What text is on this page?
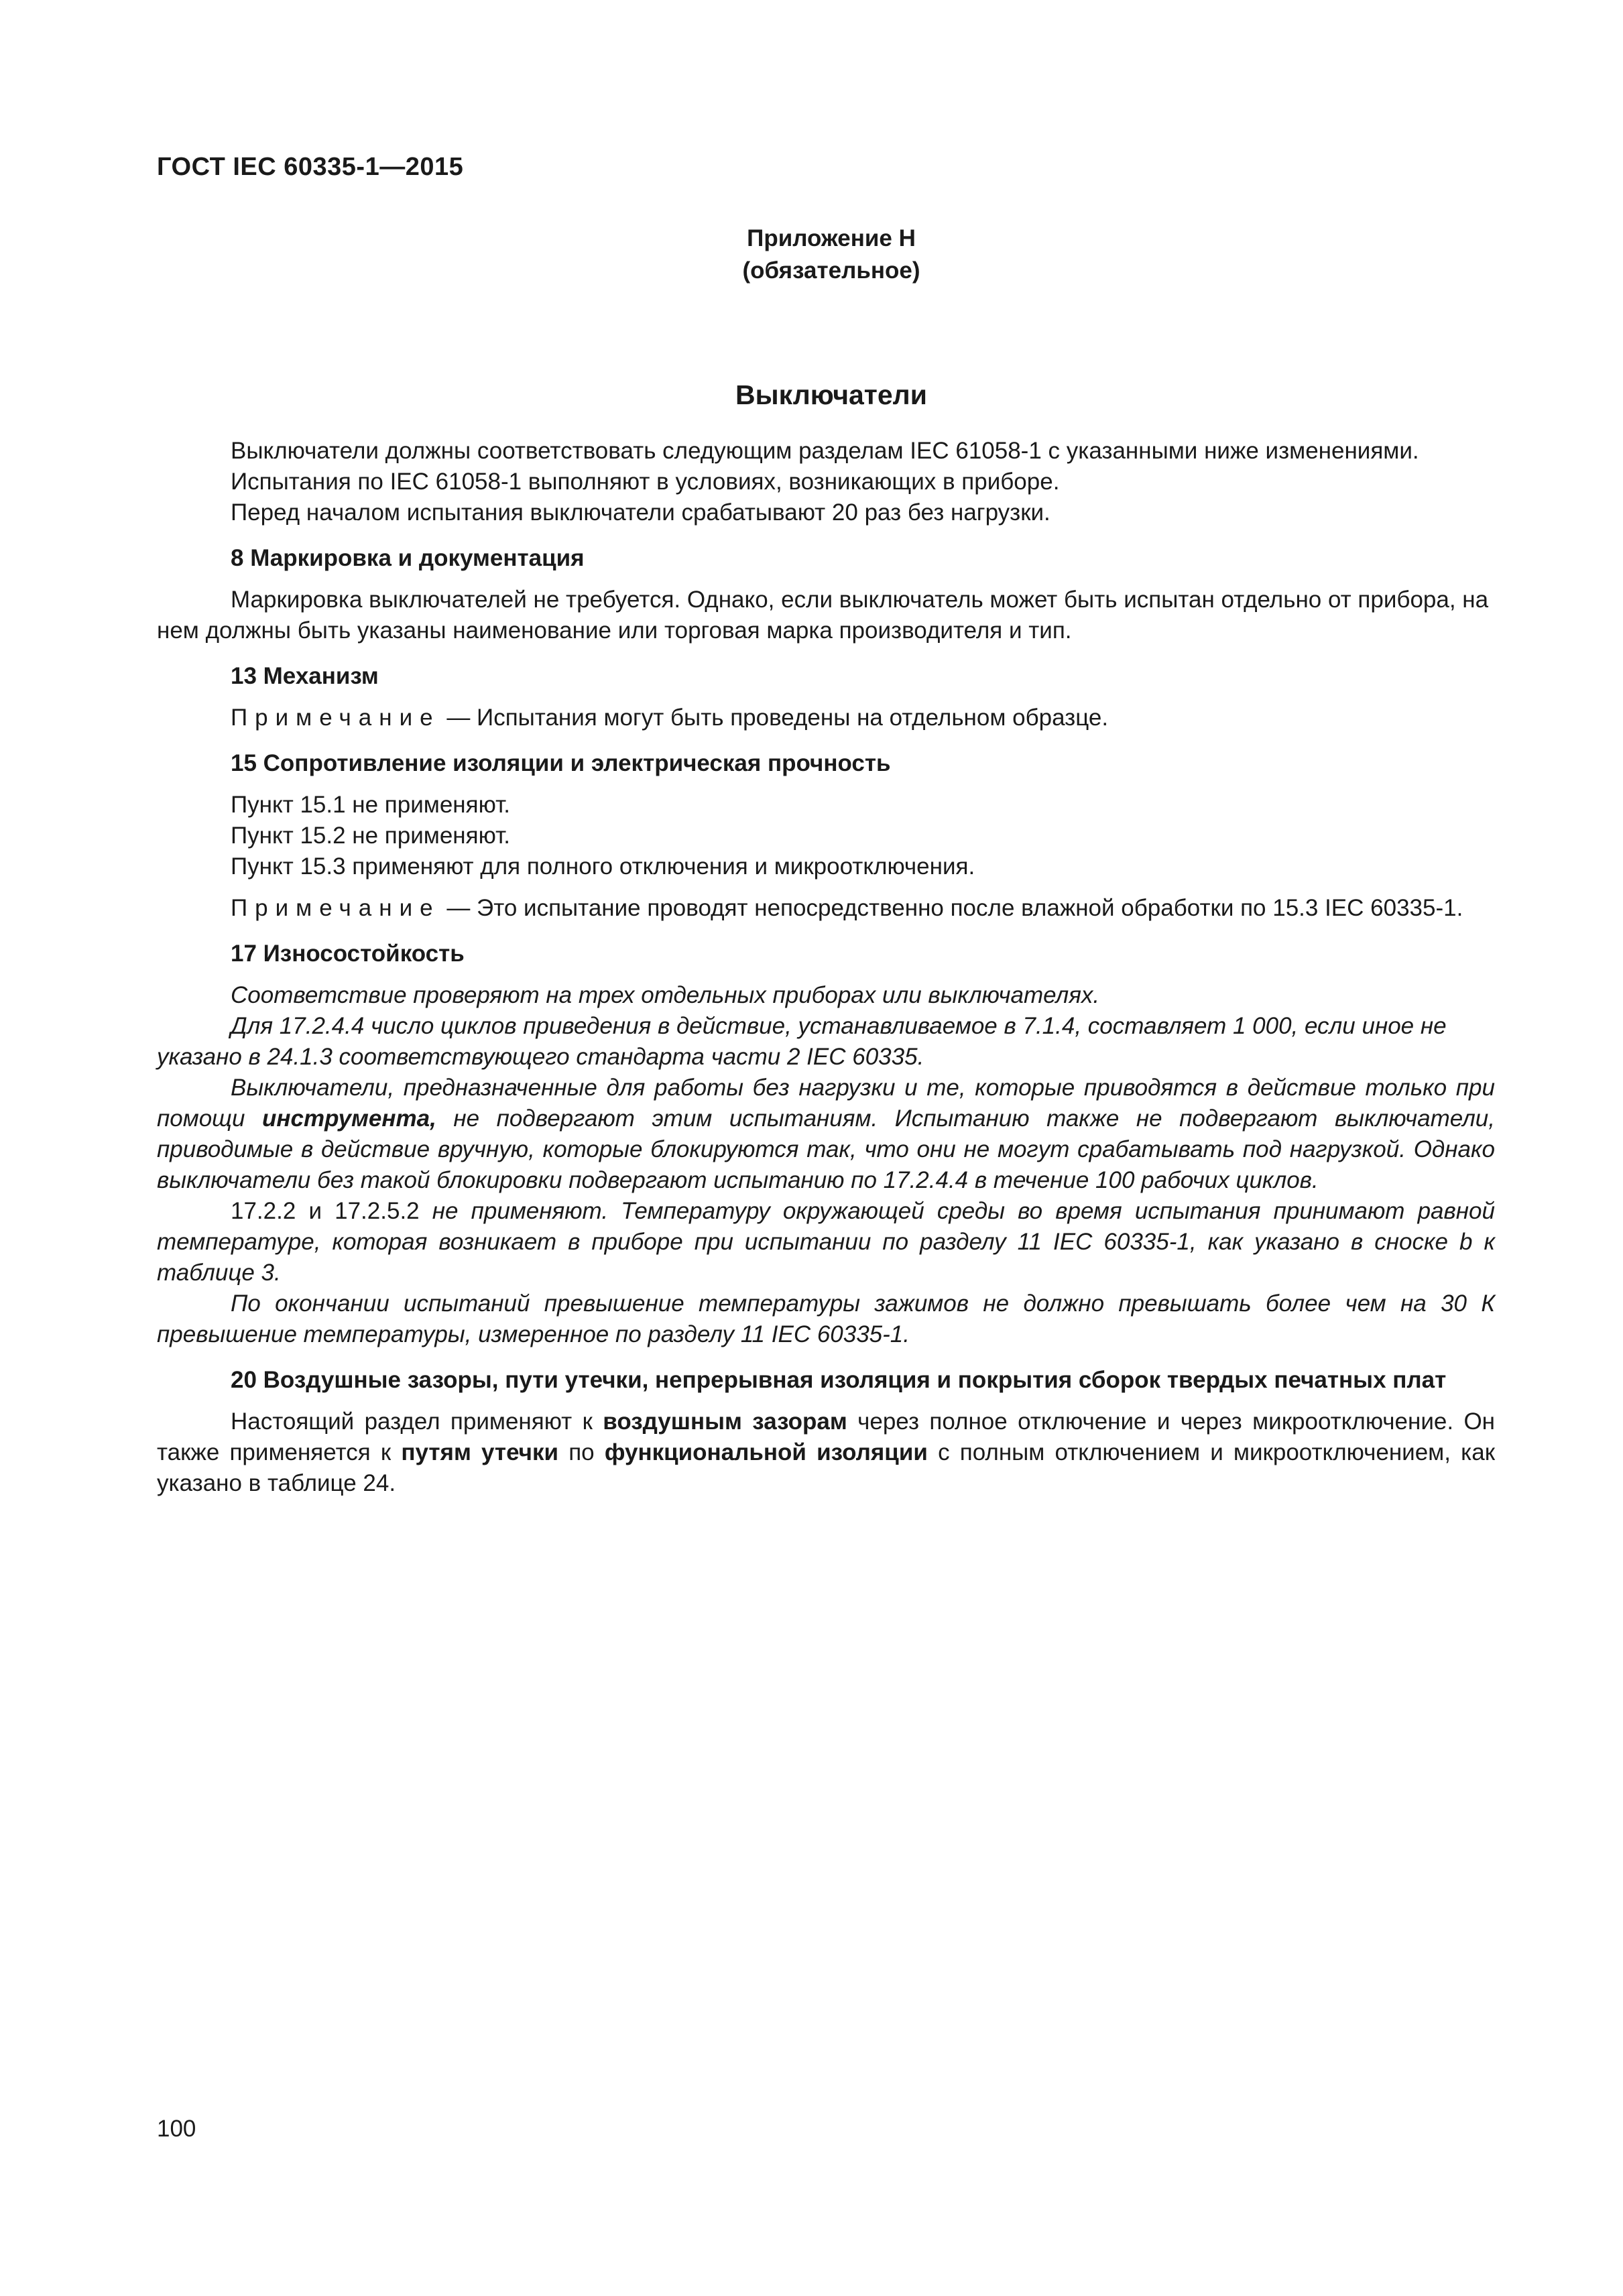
ГОСТ IEC 60335-1—2015
Приложение Н
(обязательное)
Выключатели

Выключатели должны соответствовать следующим разделам IEC 61058-1 с указанными ниже изменениями.

Испытания по IEC 61058-1 выполняют в условиях, возникающих в приборе.

Перед началом испытания выключатели срабатывают 20 раз без нагрузки.

8 Маркировка и документация

Маркировка выключателей не требуется. Однако, если выключатель может быть испытан отдельно от прибора, на нем должны быть указаны наименование или торговая марка производителя и тип.

13 Механизм

Примечание — Испытания могут быть проведены на отдельном образце.

15 Сопротивление изоляции и электрическая прочность

Пункт 15.1 не применяют.

Пункт 15.2 не применяют.

Пункт 15.3 применяют для полного отключения и микроотключения.

Примечание — Это испытание проводят непосредственно после влажной обработки по 15.3 IEC 60335-1.

17 Износостойкость

Соответствие проверяют на трех отдельных приборах или выключателях.

Для 17.2.4.4 число циклов приведения в действие, устанавливаемое в 7.1.4, составляет 1 000, если иное не указано в 24.1.3 соответствующего стандарта части 2 IEC 60335.

Выключатели, предназначенные для работы без нагрузки и те, которые приводятся в действие только при помощи инструмента, не подвергают этим испытаниям. Испытанию также не подвергают выключатели, приводимые в действие вручную, которые блокируются так, что они не могут срабатывать под нагрузкой. Однако выключатели без такой блокировки подвергают испытанию по 17.2.4.4 в течение 100 рабочих циклов.

17.2.2 и 17.2.5.2 не применяют. Температуру окружающей среды во время испытания принимают равной температуре, которая возникает в приборе при испытании по разделу 11 IEC 60335-1, как указано в сноске b к таблице 3.

По окончании испытаний превышение температуры зажимов не должно превышать более чем на 30 К превышение температуры, измеренное по разделу 11 IEC 60335-1.

20 Воздушные зазоры, пути утечки, непрерывная изоляция и покрытия сборок твердых печатных плат

Настоящий раздел применяют к воздушным зазорам через полное отключение и через микроотключение. Он также применяется к путям утечки по функциональной изоляции с полным отключением и микроотключением, как указано в таблице 24.

100
